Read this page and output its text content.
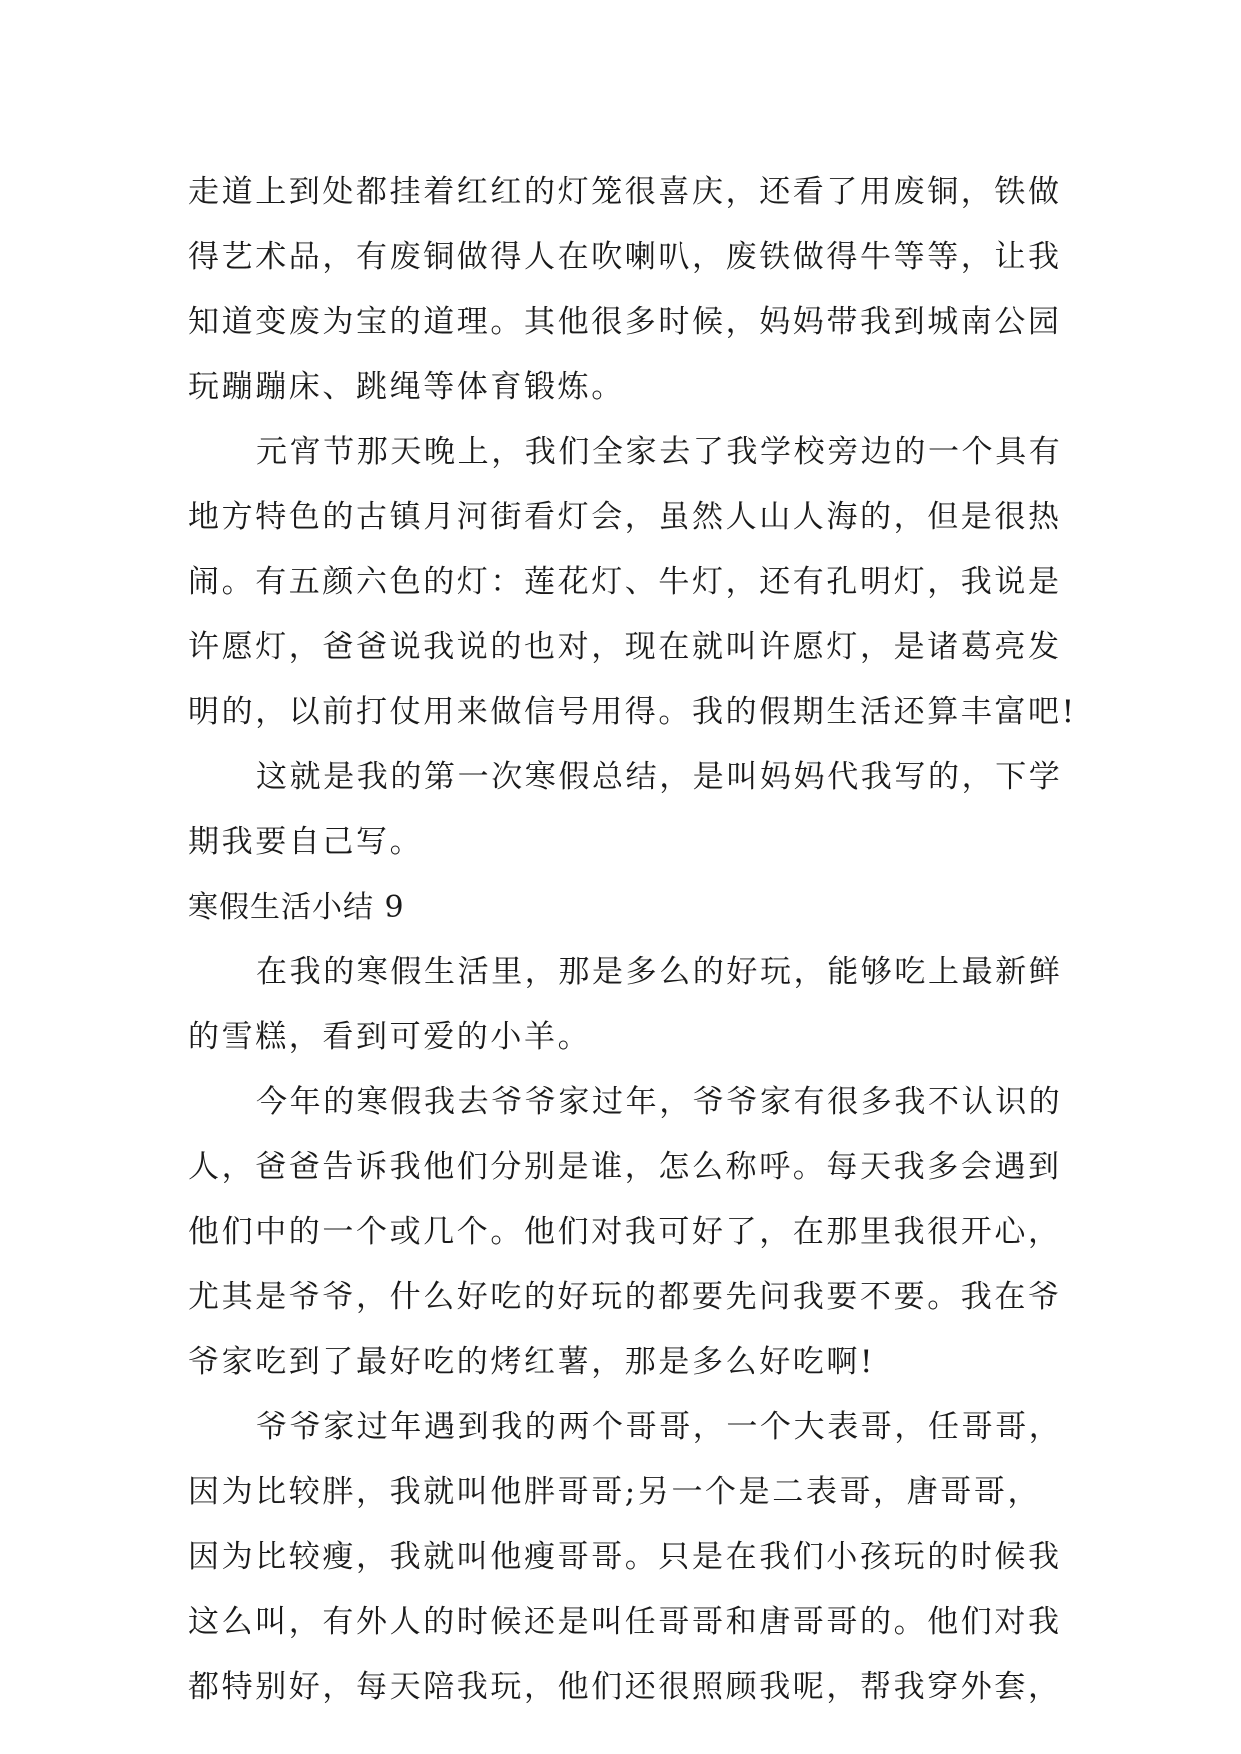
走道上到处都挂着红红的灯笼很喜庆，还看了用废铜，铁做
得艺术品，有废铜做得人在吹喇叭，废铁做得牛等等，让我
知道变废为宝的道理。其他很多时候，妈妈带我到城南公园
玩蹦蹦床、跳绳等体育锻炼。
元宵节那天晚上，我们全家去了我学校旁边的一个具有
地方特色的古镇月河街看灯会，虽然人山人海的，但是很热
闹。有五颜六色的灯：莲花灯、牛灯，还有孔明灯，我说是
许愿灯，爸爸说我说的也对，现在就叫许愿灯，是诸葛亮发
明的，以前打仗用来做信号用得。我的假期生活还算丰富吧!
这就是我的第一次寒假总结，是叫妈妈代我写的，下学
期我要自己写。
寒假生活小结 9
在我的寒假生活里，那是多么的好玩，能够吃上最新鲜
的雪糕，看到可爱的小羊。
今年的寒假我去爷爷家过年，爷爷家有很多我不认识的
人，爸爸告诉我他们分别是谁，怎么称呼。每天我多会遇到
他们中的一个或几个。他们对我可好了，在那里我很开心，
尤其是爷爷，什么好吃的好玩的都要先问我要不要。我在爷
爷家吃到了最好吃的烤红薯，那是多么好吃啊!
爷爷家过年遇到我的两个哥哥，一个大表哥，任哥哥，
因为比较胖，我就叫他胖哥哥;另一个是二表哥，唐哥哥，
因为比较瘦，我就叫他瘦哥哥。只是在我们小孩玩的时候我
这么叫，有外人的时候还是叫任哥哥和唐哥哥的。他们对我
都特别好，每天陪我玩，他们还很照顾我呢，帮我穿外套，
